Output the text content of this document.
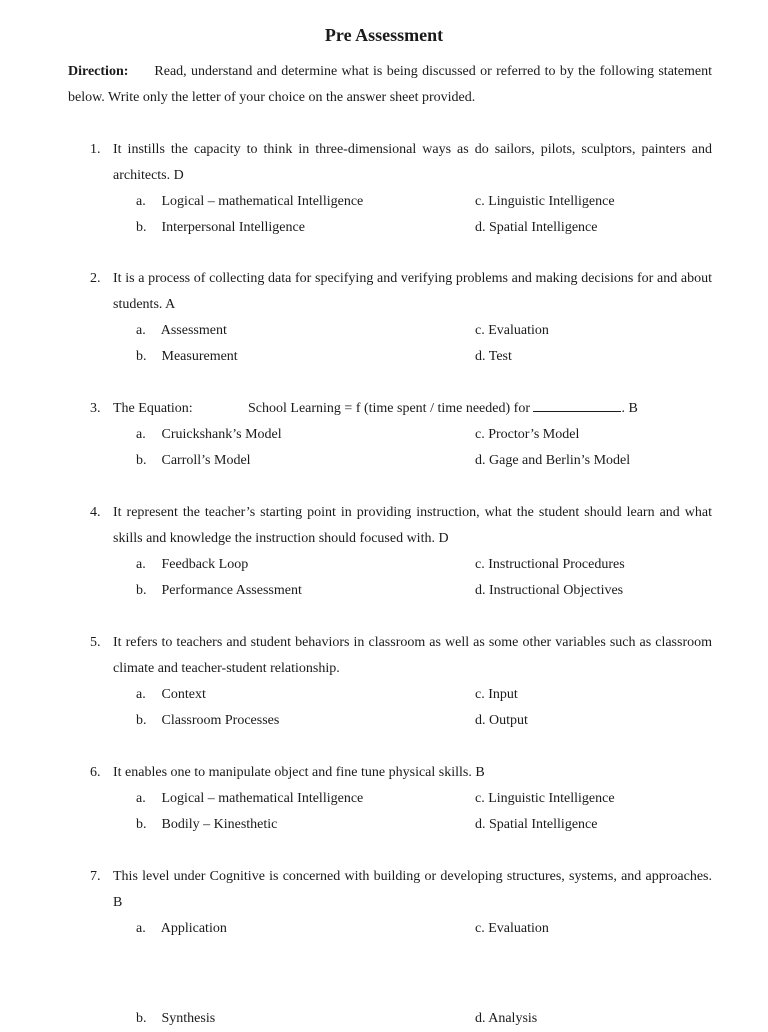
Pre Assessment
Direction: Read, understand and determine what is being discussed or referred to by the following statement below. Write only the letter of your choice on the answer sheet provided.
1. It instills the capacity to think in three-dimensional ways as do sailors, pilots, sculptors, painters and architects. D
a. Logical – mathematical Intelligence	c. Linguistic Intelligence
b. Interpersonal Intelligence	d. Spatial Intelligence
2. It is a process of collecting data for specifying and verifying problems and making decisions for and about students. A
a. Assessment	c. Evaluation
b. Measurement	d. Test
3. The Equation:	School Learning = f (time spent / time needed) for	. B
a. Cruickshank’s Model	c. Proctor’s Model
b. Carroll’s Model	d. Gage and Berlin’s Model
4. It represent the teacher’s starting point in providing instruction, what the student should learn and what skills and knowledge the instruction should focused with. D
a. Feedback Loop	c. Instructional Procedures
b. Performance Assessment	d. Instructional Objectives
5. It refers to teachers and student behaviors in classroom as well as some other variables such as classroom climate and teacher-student relationship.
a. Context	c. Input
b. Classroom Processes	d. Output
6. It enables one to manipulate object and fine tune physical skills. B
a. Logical – mathematical Intelligence	c. Linguistic Intelligence
b. Bodily – Kinesthetic	d. Spatial Intelligence
7. This level under Cognitive is concerned with building or developing structures, systems, and approaches. B
a. Application	c. Evaluation
b. Synthesis	d. Analysis
